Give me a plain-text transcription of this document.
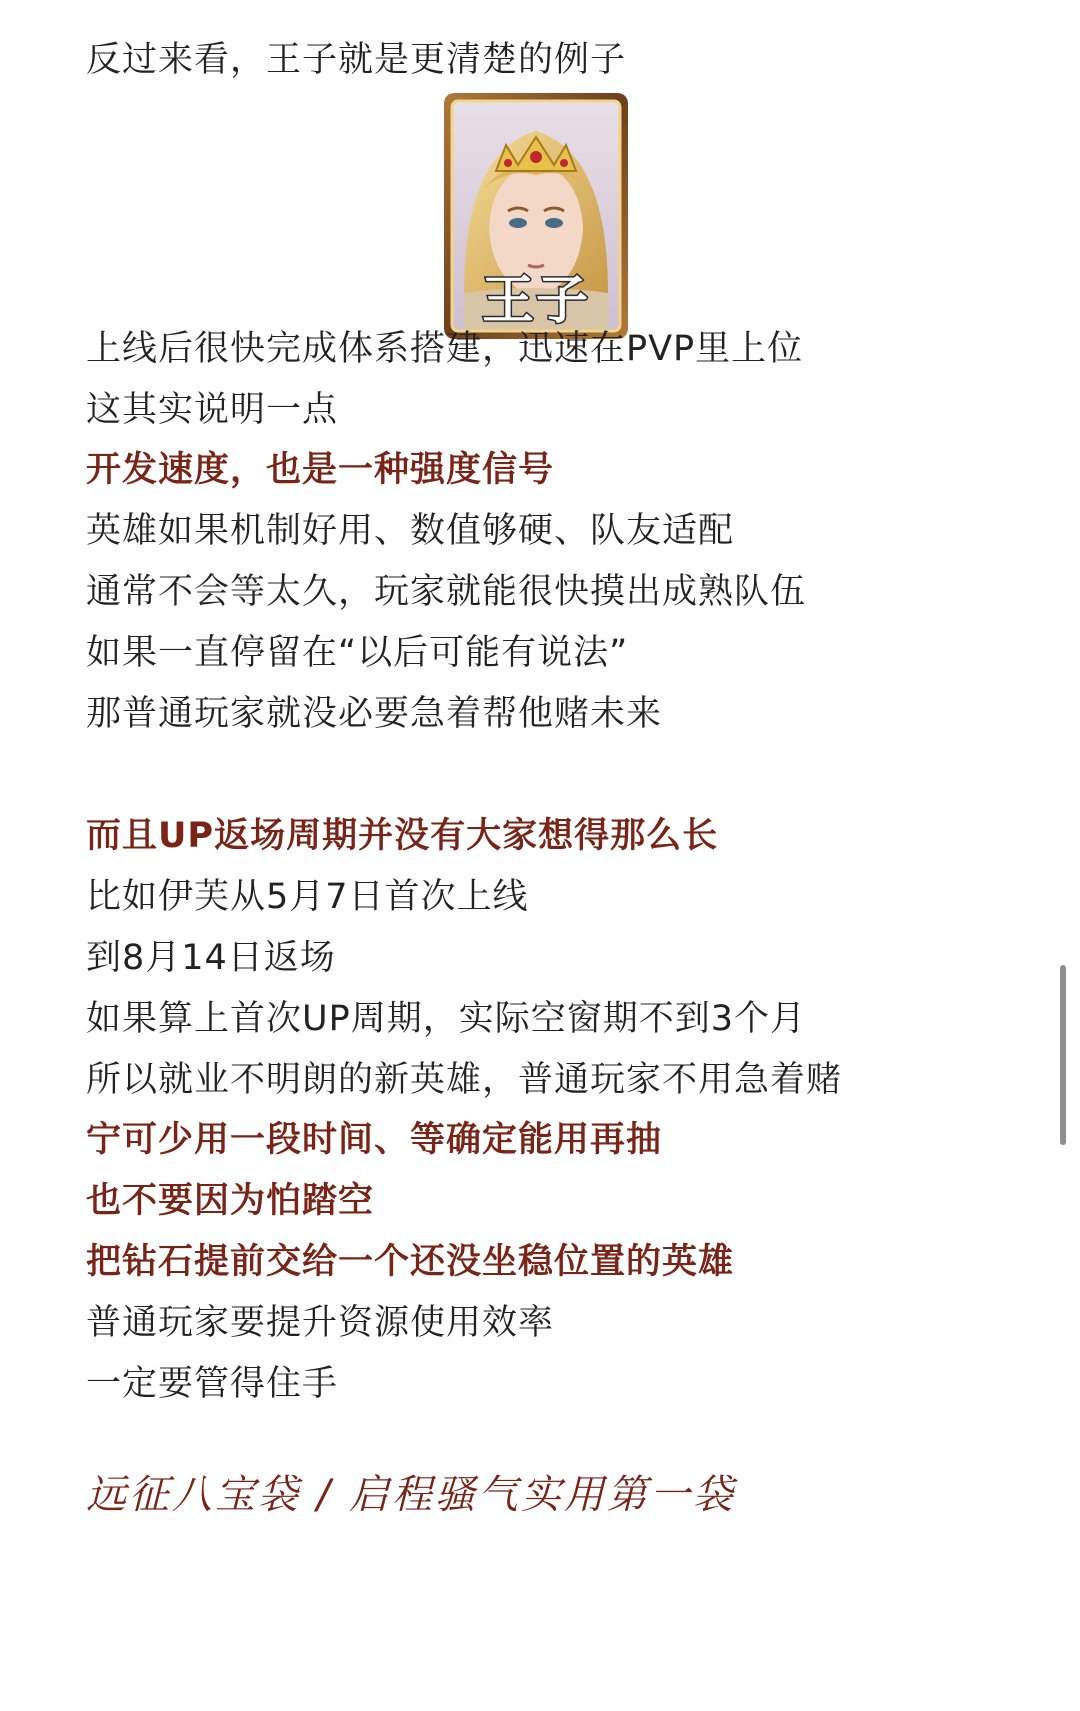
反过来看，王子就是更清楚的例子
王子
上线后很快完成体系搭建，迅速在PVP里上位
这其实说明一点
开发速度，也是一种强度信号
英雄如果机制好用、数值够硬、队友适配
通常不会等太久，玩家就能很快摸出成熟队伍
如果一直停留在“以后可能有说法”
那普通玩家就没必要急着帮他赌未来
而且UP返场周期并没有大家想得那么长
比如伊芙从5月7日首次上线
到8月14日返场
如果算上首次UP周期，实际空窗期不到3个月
所以就业不明朗的新英雄，普通玩家不用急着赌
宁可少用一段时间、等确定能用再抽
也不要因为怕踏空
把钻石提前交给一个还没坐稳位置的英雄
普通玩家要提升资源使用效率
一定要管得住手
远征八宝袋 / 启程骚气实用第一袋
